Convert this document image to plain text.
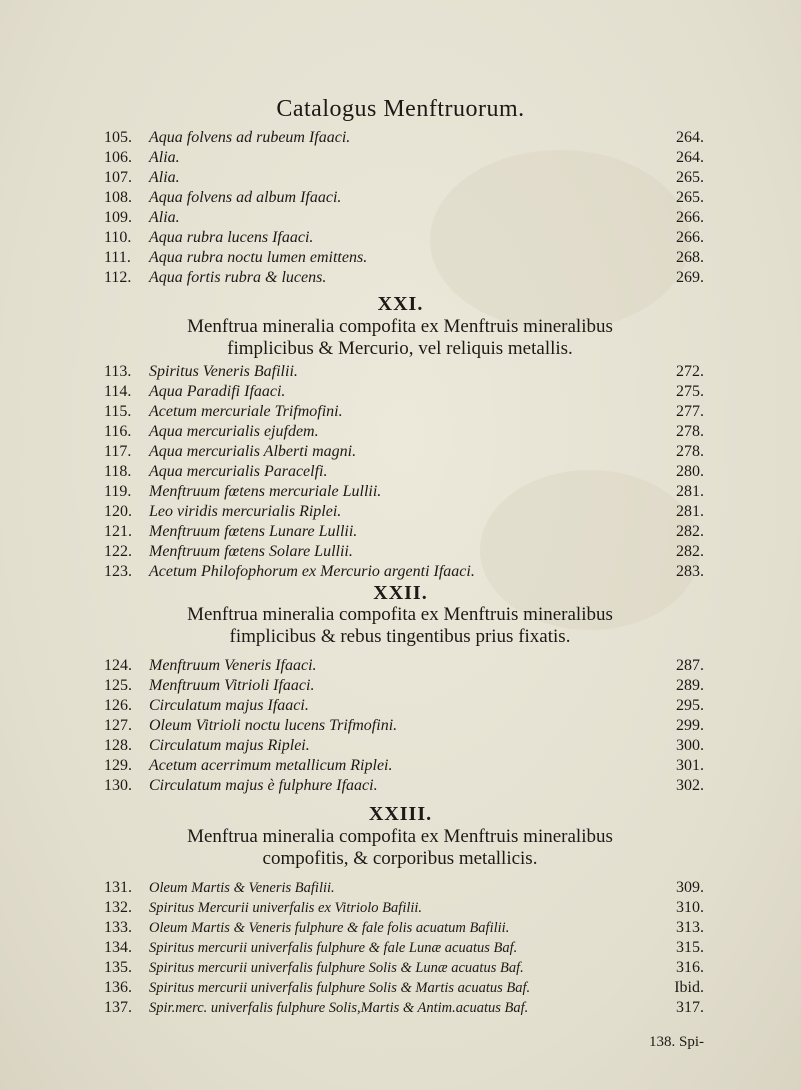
Catalogus Menftruorum.
105.	Aqua folvens ad rubeum Ifaaci.	264.
106.	Alia.	264.
107.	Alia.	265.
108.	Aqua folvens ad album Ifaaci.	265.
109.	Alia.	266.
110.	Aqua rubra lucens Ifaaci.	266.
111.	Aqua rubra noctu lumen emittens.	268.
112.	Aqua fortis rubra & lucens.	269.
XXI.
Menftrua mineralia compofita ex Menftruis mineralibus
fimplicibus & Mercurio, vel reliquis metallis.
113.	Spiritus Veneris Bafilii.	272.
114.	Aqua Paradifi Ifaaci.	275.
115.	Acetum mercuriale Trifmofini.	277.
116.	Aqua mercurialis ejufdem.	278.
117.	Aqua mercurialis Alberti magni.	278.
118.	Aqua mercurialis Paracelfi.	280.
119.	Menftruum fœtens mercuriale Lullii.	281.
120.	Leo viridis mercurialis Riplei.	281.
121.	Menftruum fœtens Lunare Lullii.	282.
122.	Menftruum fœtens Solare Lullii.	282.
123.	Acetum Philofophorum ex Mercurio argenti Ifaaci.	283.
XXII.
Menftrua mineralia compofita ex Menftruis mineralibus
fimplicibus & rebus tingentibus prius fixatis.
124.	Menftruum Veneris Ifaaci.	287.
125.	Menftruum Vitrioli Ifaaci.	289.
126.	Circulatum majus Ifaaci.	295.
127.	Oleum Vitrioli noctu lucens Trifmofini.	299.
128.	Circulatum majus Riplei.	300.
129.	Acetum acerrimum metallicum Riplei.	301.
130.	Circulatum majus è fulphure Ifaaci.	302.
XXIII.
Menftrua mineralia compofita ex Menftruis mineralibus
compofitis, & corporibus metallicis.
131.	Oleum Martis & Veneris Bafilii.	309.
132.	Spiritus Mercurii univerfalis ex Vitriolo Bafilii.	310.
133.	Oleum Martis & Veneris fulphure & fale folis acuatum Bafilii.	313.
134.	Spiritus mercurii univerfalis fulphure & fale Lunæ acuatus Baf.	315.
135.	Spiritus mercurii univerfalis fulphure Solis & Lunæ acuatus Baf.	316.
136.	Spiritus mercurii univerfalis fulphure Solis & Martis acuatus Baf.	Ibid.
137.	Spir.merc. univerfalis fulphure Solis,Martis & Antim.acuatus Baf.	317.
138. Spi-
